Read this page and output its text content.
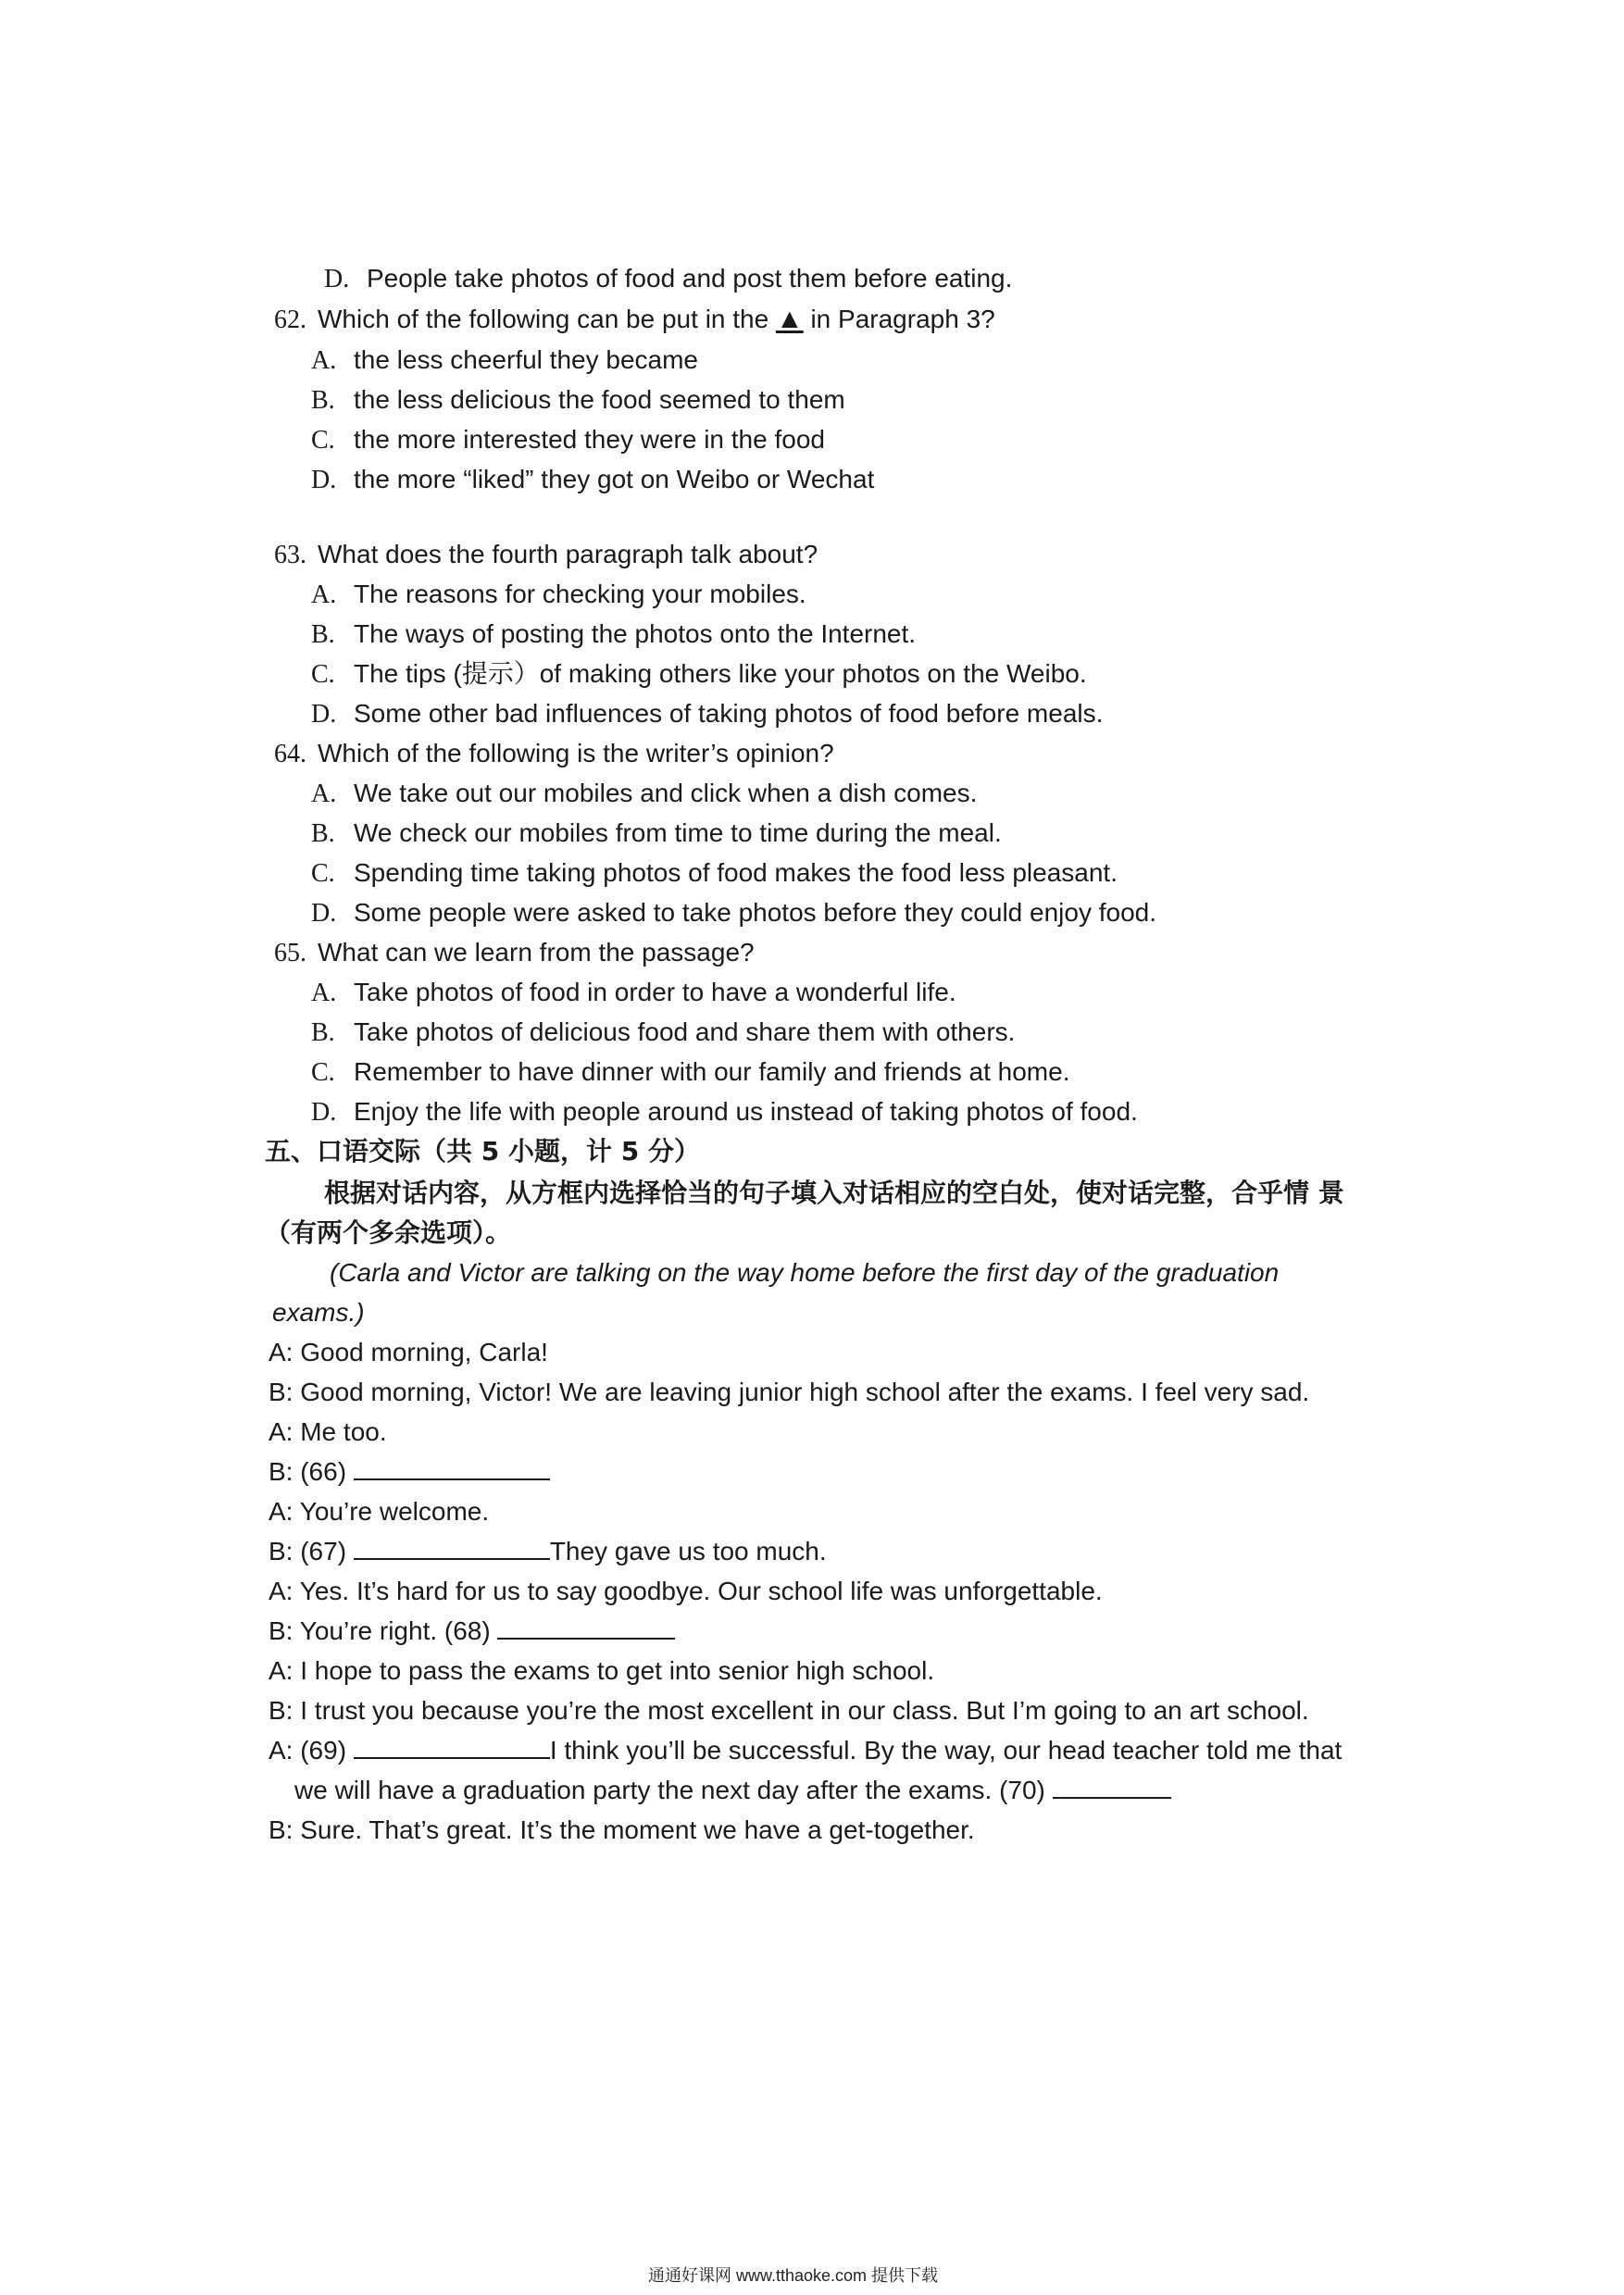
D. People take photos of food and post them before eating.
62. Which of the following can be put in the ▲ in Paragraph 3?
A. the less cheerful they became
B. the less delicious the food seemed to them
C. the more interested they were in the food
D. the more “liked” they got on Weibo or Wechat
63. What does the fourth paragraph talk about?
A. The reasons for checking your mobiles.
B. The ways of posting the photos onto the Internet.
C. The tips (提示）of making others like your photos on the Weibo.
D. Some other bad influences of taking photos of food before meals.
64. Which of the following is the writer’s opinion?
A. We take out our mobiles and click when a dish comes.
B. We check our mobiles from time to time during the meal.
C. Spending time taking photos of food makes the food less pleasant.
D. Some people were asked to take photos before they could enjoy food.
65. What can we learn from the passage?
A. Take photos of food in order to have a wonderful life.
B. Take photos of delicious food and share them with others.
C. Remember to have dinner with our family and friends at home.
D. Enjoy the life with people around us instead of taking photos of food.
五、口语交际（共 5 小题，计 5 分）
根据对话内容，从方框内选择恰当的句子填入对话相应的空白处，使对话完整，合乎情 景
（有两个多余选项）。
(Carla and Victor are talking on the way home before the first day of the graduation
exams.)
A: Good morning, Carla!
B: Good morning, Victor! We are leaving junior high school after the exams. I feel very sad.
A: Me too.
B: (66)
A: You’re welcome.
B: (67)	They gave us too much.
A: Yes. It’s hard for us to say goodbye. Our school life was unforgettable.
B: You’re right. (68)
A: I hope to pass the exams to get into senior high school.
B: I trust you because you’re the most excellent in our class. But I’m going to an art school.
A: (69)	I think you’ll be successful. By the way, our head teacher told me that
we will have a graduation party the next day after the exams. (70)
B: Sure. That’s great. It’s the moment we have a get-together.
通通好课网 www.tthaoke.com 提供下载
